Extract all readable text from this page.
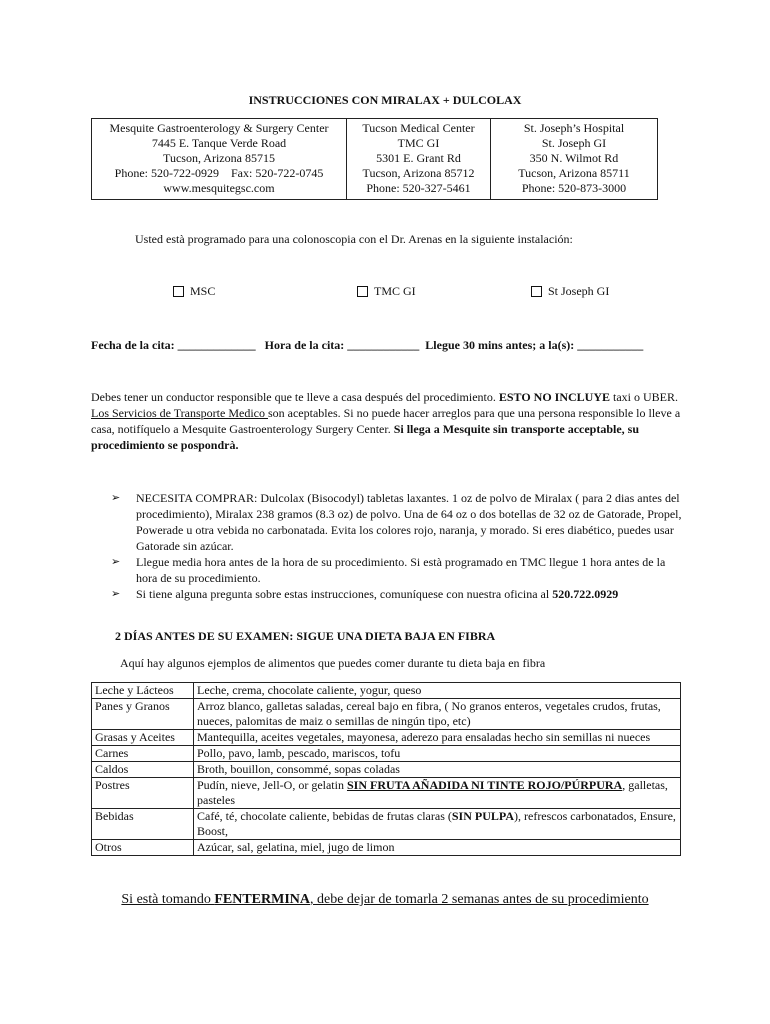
INSTRUCCIONES CON MIRALAX + DULCOLAX
Mesquite Gastroenterology & Surgery Center
7445 E. Tanque Verde Road
Tucson, Arizona 85715
Phone: 520-722-0929    Fax: 520-722-0745
www.mesquitegsc.com

Tucson Medical Center
TMC GI
5301 E. Grant Rd
Tucson, Arizona 85712
Phone: 520-327-5461

St. Joseph’s Hospital
St. Joseph GI
350 N. Wilmot Rd
Tucson, Arizona 85711
Phone: 520-873-3000
Usted està programado para una colonoscopia con el Dr. Arenas en la siguiente instalación:
MSC	TMC GI	St Joseph GI
Fecha de la cita: _____________   Hora de la cita: ____________  Llegue 30 mins antes; a la(s): ___________
Debes tener un conductor responsible que te lleve a casa después del procedimiento. ESTO NO INCLUYE taxi o UBER. Los Servicios de Transporte Medico son aceptables. Si no puede hacer arreglos para que una persona responsible lo lleve a casa, notifíquelo a Mesquite Gastroenterology Surgery Center. Si llega a Mesquite sin transporte acceptable, su procedimiento se pospondrà.
➢ NECESITA COMPRAR: Dulcolax (Bisocodyl) tabletas laxantes. 1 oz de polvo de Miralax ( para 2 dias antes del procedimiento), Miralax 238 gramos (8.3 oz) de polvo. Una de 64 oz o dos botellas de 32 oz de Gatorade, Propel, Powerade u otra vebida no carbonatada. Evita los colores rojo, naranja, y morado. Si eres diabético, puedes usar Gatorade sin azúcar.
➢ Llegue media hora antes de la hora de su procedimiento. Si està programado en TMC llegue 1 hora antes de la hora de su procedimiento.
➢ Si tiene alguna pregunta sobre estas instrucciones, comuníquese con nuestra oficina al 520.722.0929
2 DÍAS ANTES DE SU EXAMEN: SIGUE UNA DIETA BAJA EN FIBRA
Aquí hay algunos ejemplos de alimentos que puedes comer durante tu dieta baja en fibra
Leche y Lácteos	Leche, crema, chocolate caliente, yogur, queso
Panes y Granos	Arroz blanco, galletas saladas, cereal bajo en fibra, ( No granos enteros, vegetales crudos, frutas, nueces, palomitas de maiz o semillas de ningún tipo, etc)
Grasas y Aceites	Mantequilla, aceites vegetales, mayonesa, aderezo para ensaladas hecho sin semillas ni nueces
Carnes	Pollo, pavo, lamb, pescado, mariscos, tofu
Caldos	Broth, bouillon, consommé, sopas coladas
Postres	Pudín, nieve, Jell-O, or gelatin SIN FRUTA AÑADIDA NI TINTE ROJO/PÚRPURA, galletas, pasteles
Bebidas	Café, té, chocolate caliente, bebidas de frutas claras (SIN PULPA), refrescos carbonatados, Ensure, Boost,
Otros	Azúcar, sal, gelatina, miel, jugo de limon
Si està tomando FENTERMINA, debe dejar de tomarla 2 semanas antes de su procedimiento
